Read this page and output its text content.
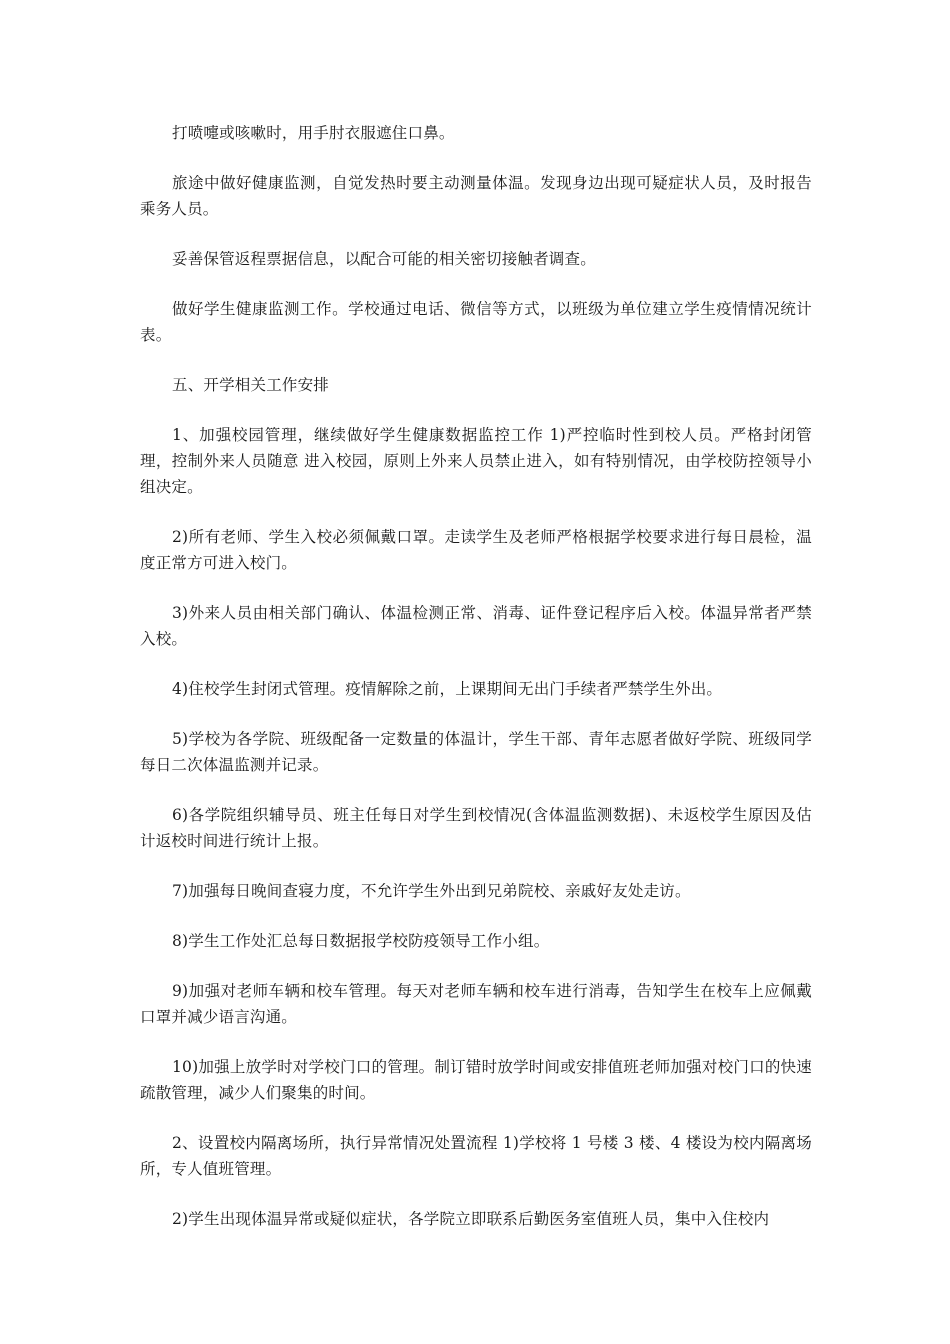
打喷嚏或咳嗽时，用手肘衣服遮住口鼻。

旅途中做好健康监测，自觉发热时要主动测量体温。发现身边出现可疑症状人员，及时报告乘务人员。

妥善保管返程票据信息，以配合可能的相关密切接触者调查。

做好学生健康监测工作。学校通过电话、微信等方式，以班级为单位建立学生疫情情况统计表。

五、开学相关工作安排

1、加强校园管理，继续做好学生健康数据监控工作 1)严控临时性到校人员。严格封闭管理，控制外来人员随意 进入校园，原则上外来人员禁止进入，如有特别情况，由学校防控领导小组决定。

2)所有老师、学生入校必须佩戴口罩。走读学生及老师严格根据学校要求进行每日晨检，温度正常方可进入校门。

3)外来人员由相关部门确认、体温检测正常、消毒、证件登记程序后入校。体温异常者严禁入校。

4)住校学生封闭式管理。疫情解除之前，上课期间无出门手续者严禁学生外出。

5)学校为各学院、班级配备一定数量的体温计，学生干部、青年志愿者做好学院、班级同学每日二次体温监测并记录。

6)各学院组织辅导员、班主任每日对学生到校情况(含体温监测数据)、未返校学生原因及估计返校时间进行统计上报。

7)加强每日晚间查寝力度，不允许学生外出到兄弟院校、亲戚好友处走访。

8)学生工作处汇总每日数据报学校防疫领导工作小组。

9)加强对老师车辆和校车管理。每天对老师车辆和校车进行消毒，告知学生在校车上应佩戴口罩并减少语言沟通。

10)加强上放学时对学校门口的管理。制订错时放学时间或安排值班老师加强对校门口的快速疏散管理，减少人们聚集的时间。

2、设置校内隔离场所，执行异常情况处置流程 1)学校将 1 号楼 3 楼、4 楼设为校内隔离场所，专人值班管理。

2)学生出现体温异常或疑似症状，各学院立即联系后勤医务室值班人员，集中入住校内
